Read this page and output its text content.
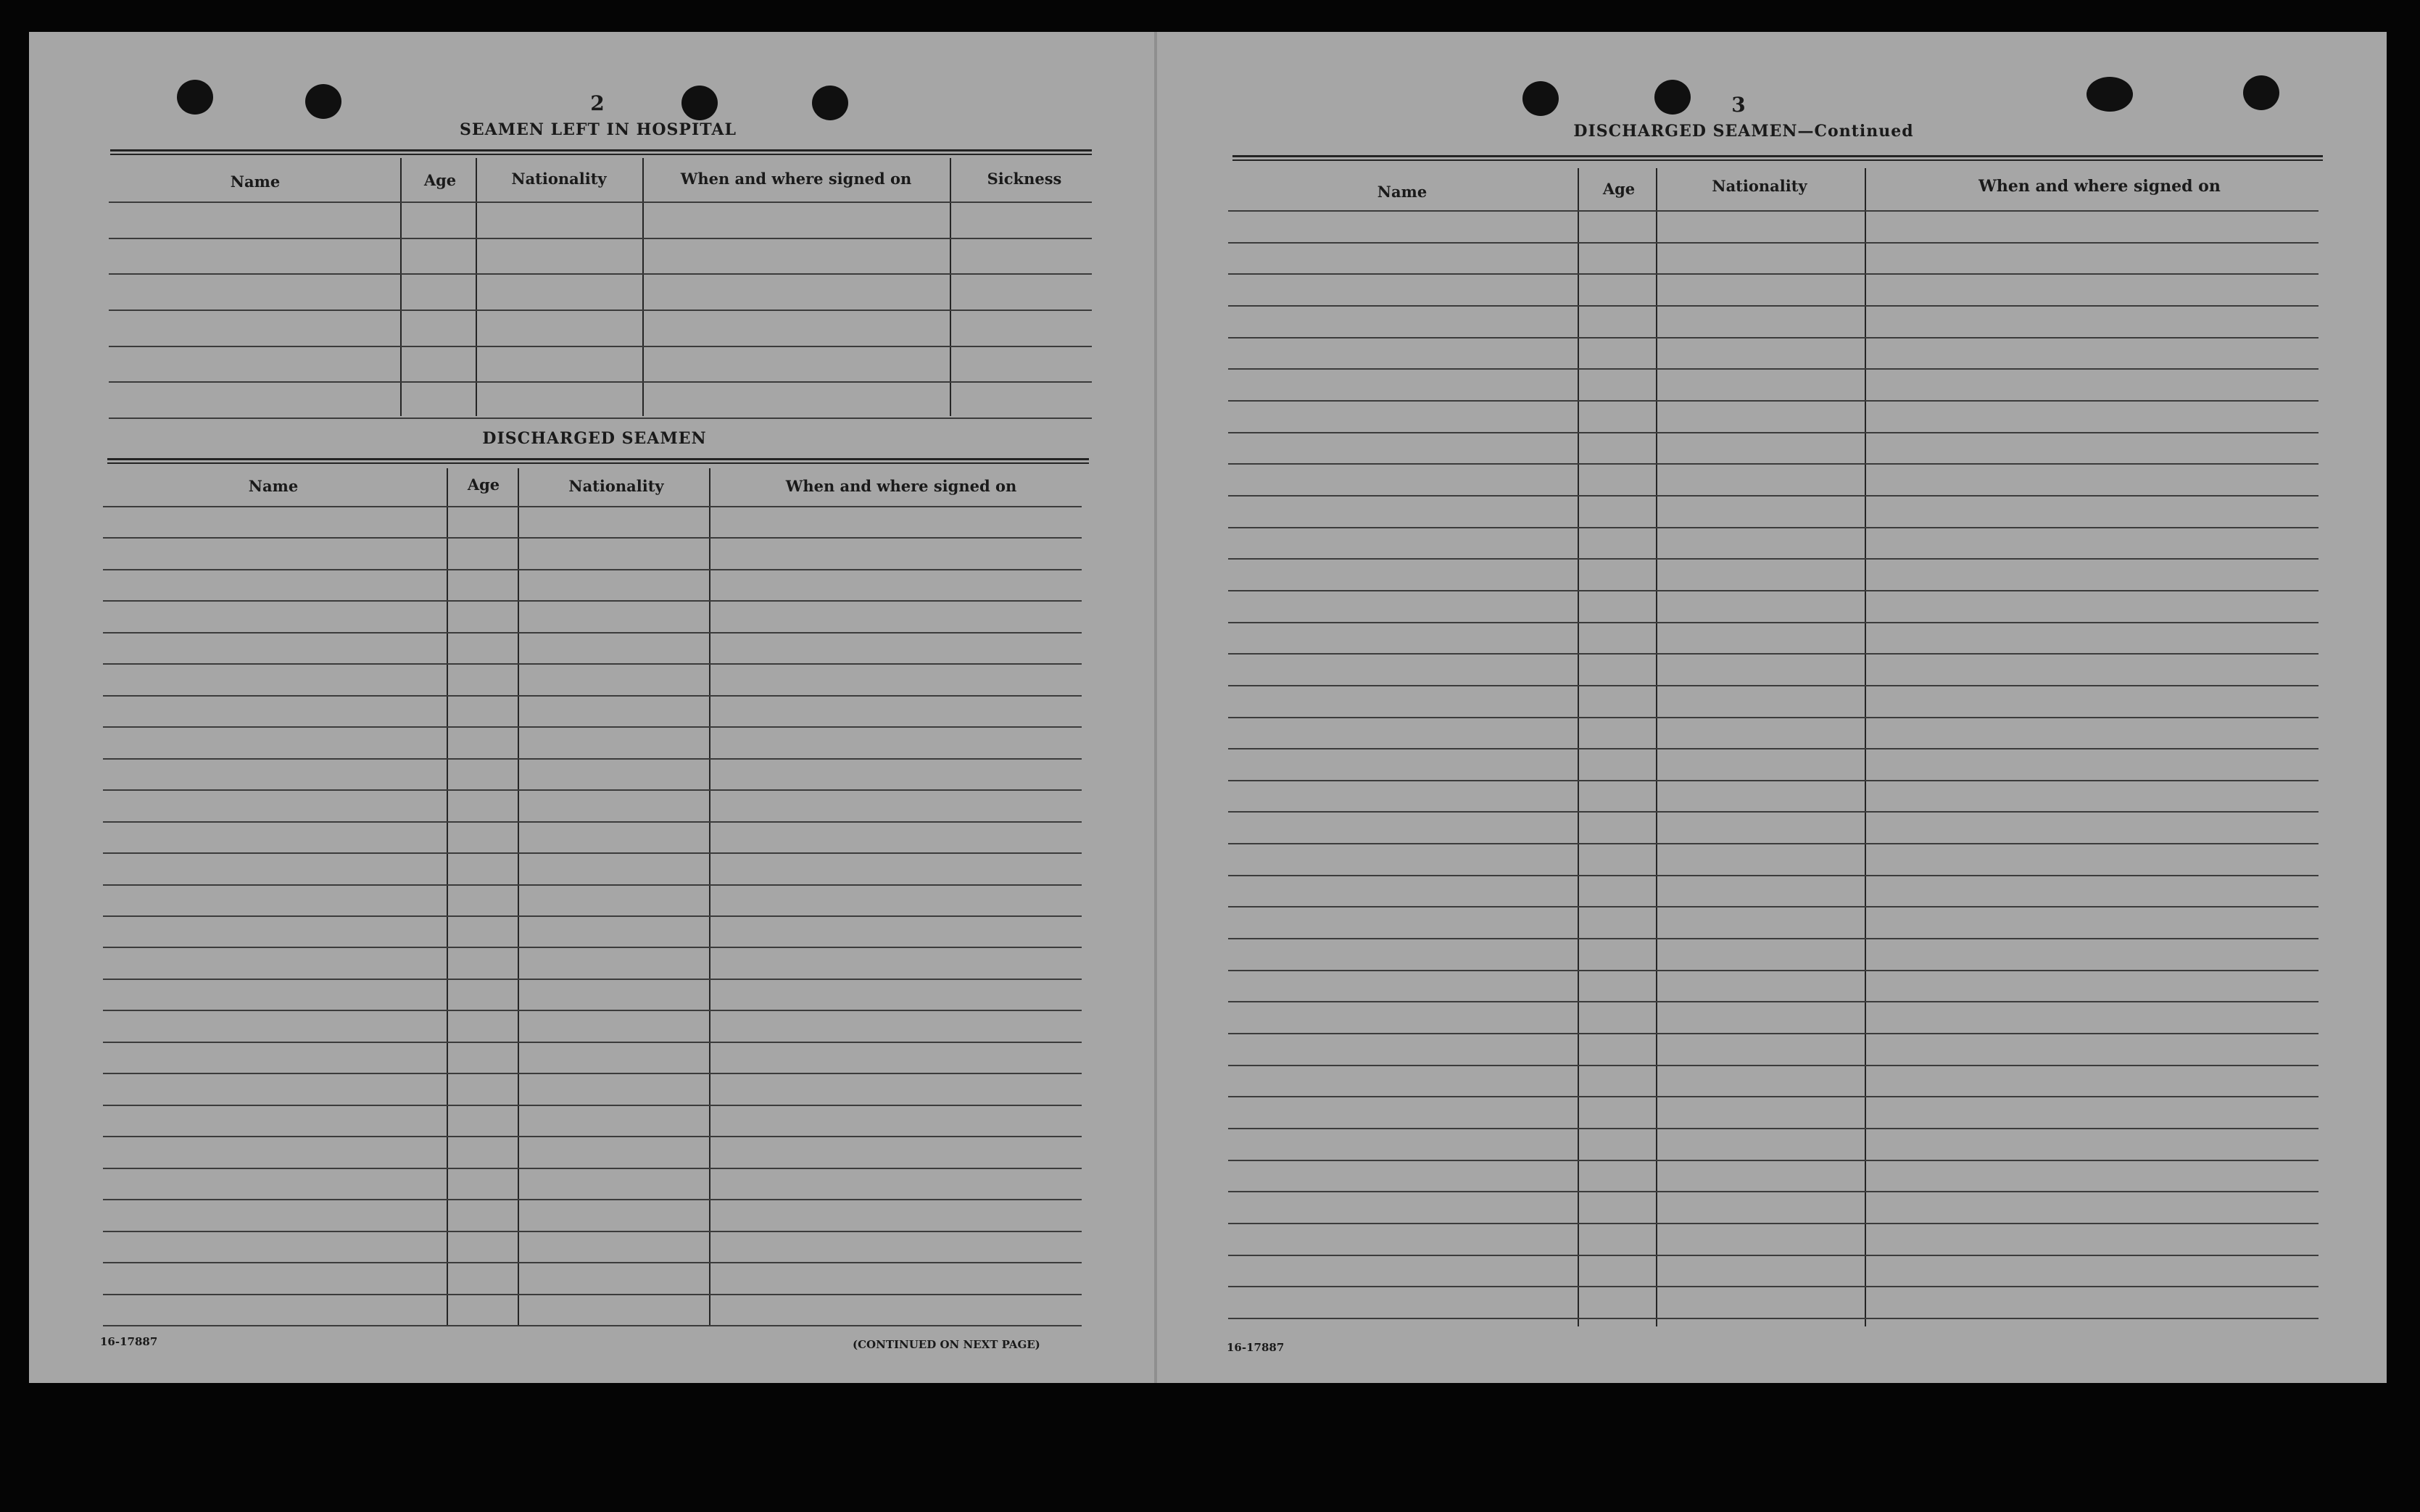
2
SEAMEN LEFT IN HOSPITAL
Name	Age	Nationality	When and where signed on	Sickness
DISCHARGED SEAMEN
Name	Age	Nationality	When and where signed on
16-17887	(CONTINUED ON NEXT PAGE)
3
DISCHARGED SEAMEN—Continued
Name	Age	Nationality	When and where signed on
16-17887
